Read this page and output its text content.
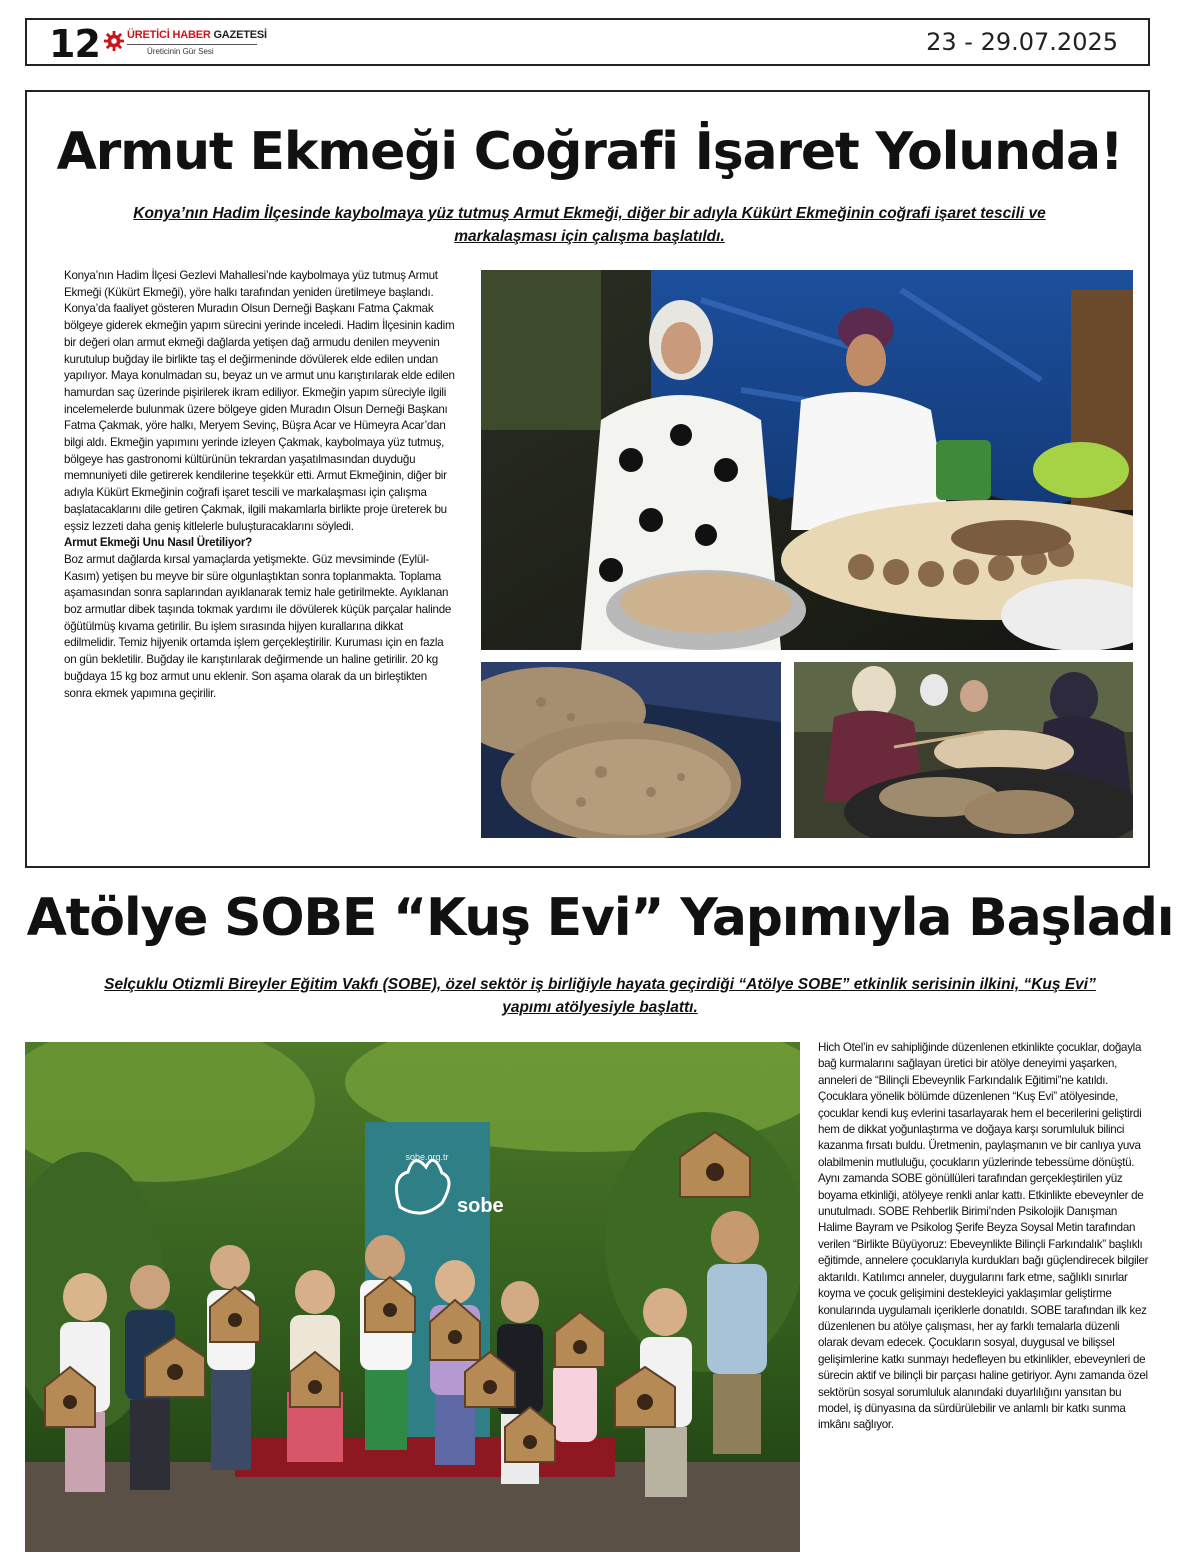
12 ÜRETİCİ HABER GAZETESİ
Üreticinin Gür Sesi	23 - 29.07.2025
Armut Ekmeği Coğrafi İşaret Yolunda!
Konya’nın Hadim İlçesinde kaybolmaya yüz tutmuş Armut Ekmeği, diğer bir adıyla Kükürt Ekmeğinin coğrafi işaret tescili ve markalaşması için çalışma başlatıldı.

Konya’nın Hadim İlçesi Gezlevi Mahallesi’nde kaybolmaya yüz tutmuş Armut Ekmeği (Kükürt Ekmeği), yöre halkı tarafından yeniden üretilmeye başlandı. Konya’da faaliyet gösteren Muradın Olsun Derneği Başkanı Fatma Çakmak bölgeye giderek ekmeğin yapım sürecini yerinde inceledi. Hadim İlçesinin kadim bir değeri olan armut ekmeği dağlarda yetişen dağ armudu denilen meyvenin kurutulup buğday ile birlikte taş el değirmeninde dövülerek elde edilen undan yapılıyor. Maya konulmadan su, beyaz un ve armut unu karıştırılarak elde edilen hamurdan saç üzerinde pişirilerek ikram ediliyor. Ekmeğin yapım süreciyle ilgili incelemelerde bulunmak üzere bölgeye giden Muradın Olsun Derneği Başkanı Fatma Çakmak, yöre halkı, Meryem Sevinç, Büşra Acar ve Hümeyra Acar’dan bilgi aldı. Ekmeğin yapımını yerinde izleyen Çakmak, kaybolmaya yüz tutmuş, bölgeye has gastronomi kültürünün tekrardan yaşatılmasından duyduğu memnuniyeti dile getirerek kendilerine teşekkür etti. Armut Ekmeğinin, diğer bir adıyla Kükürt Ekmeğinin coğrafi işaret tescili ve markalaşması için çalışma başlatacaklarını dile getiren Çakmak, ilgili makamlarla birlikte proje üreterek bu eşsiz lezzeti daha geniş kitlelerle buluşturacaklarını söyledi.

Armut Ekmeği Unu Nasıl Üretiliyor?

Boz armut dağlarda kırsal yamaçlarda yetişmekte. Güz mevsiminde (Eylül-Kasım) yetişen bu meyve bir süre olgunlaştıktan sonra toplanmakta. Toplama aşamasından sonra saplarından ayıklanarak temiz hale getirilmekte. Ayıklanan boz armutlar dibek taşında tokmak yardımı ile dövülerek küçük parçalar halinde öğütülmüş kıvama getirilir. Bu işlem sırasında hijyen kurallarına dikkat edilmelidir. Temiz hijyenik ortamda işlem gerçekleştirilir. Kuruması için en fazla on gün bekletilir. Buğday ile karıştırılarak değirmende un haline getirilir. 20 kg buğdaya 15 kg boz armut unu eklenir. Son aşama olarak da un birleştikten sonra ekmek yapımına geçirilir.

Atölye SOBE “Kuş Evi” Yapımıyla Başladı
Selçuklu Otizmli Bireyler Eğitim Vakfı (SOBE), özel sektör iş birliğiyle hayata geçirdiği “Atölye SOBE” etkinlik serisinin ilkini, “Kuş Evi” yapımı atölyesiyle başlattı.
sobe.org.tr
sobe

Hich Otel’in ev sahipliğinde düzenlenen etkinlikte çocuklar, doğayla bağ kurmalarını sağlayan üretici bir atölye deneyimi yaşarken, anneleri de “Bilinçli Ebeveynlik Farkındalık Eğitimi”ne katıldı. Çocuklara yönelik bölümde düzenlenen “Kuş Evi” atölyesinde, çocuklar kendi kuş evlerini tasarlayarak hem el becerilerini geliştirdi hem de dikkat yoğunlaştırma ve doğaya karşı sorumluluk bilinci kazanma fırsatı buldu. Üretmenin, paylaşmanın ve bir canlıya yuva olabilmenin mutluluğu, çocukların yüzlerinde tebessüme dönüştü. Aynı zamanda SOBE gönüllüleri tarafından gerçekleştirilen yüz boyama etkinliği, atölyeye renkli anlar kattı. Etkinlikte ebeveynler de unutulmadı. SOBE Rehberlik Birimi’nden Psikolojik Danışman Halime Bayram ve Psikolog Şerife Beyza Soysal Metin tarafından verilen “Birlikte Büyüyoruz: Ebeveynlikte Bilinçli Farkındalık” başlıklı eğitimde, annelere çocuklarıyla kurdukları bağı güçlendirecek bilgiler aktarıldı. Katılımcı anneler, duygularını fark etme, sağlıklı sınırlar koyma ve çocuk gelişimini destekleyici yaklaşımlar geliştirme konularında uygulamalı içeriklerle donatıldı. SOBE tarafından ilk kez düzenlenen bu atölye çalışması, her ay farklı temalarla düzenli olarak devam edecek. Çocukların sosyal, duygusal ve bilişsel gelişimlerine katkı sunmayı hedefleyen bu etkinlikler, ebeveynleri de sürecin aktif ve bilinçli bir parçası haline getiriyor. Aynı zamanda özel sektörün sosyal sorumluluk alanındaki duyarlılığını yansıtan bu model, iş dünyasına da sürdürülebilir ve anlamlı bir katkı sunma imkânı sağlıyor.
